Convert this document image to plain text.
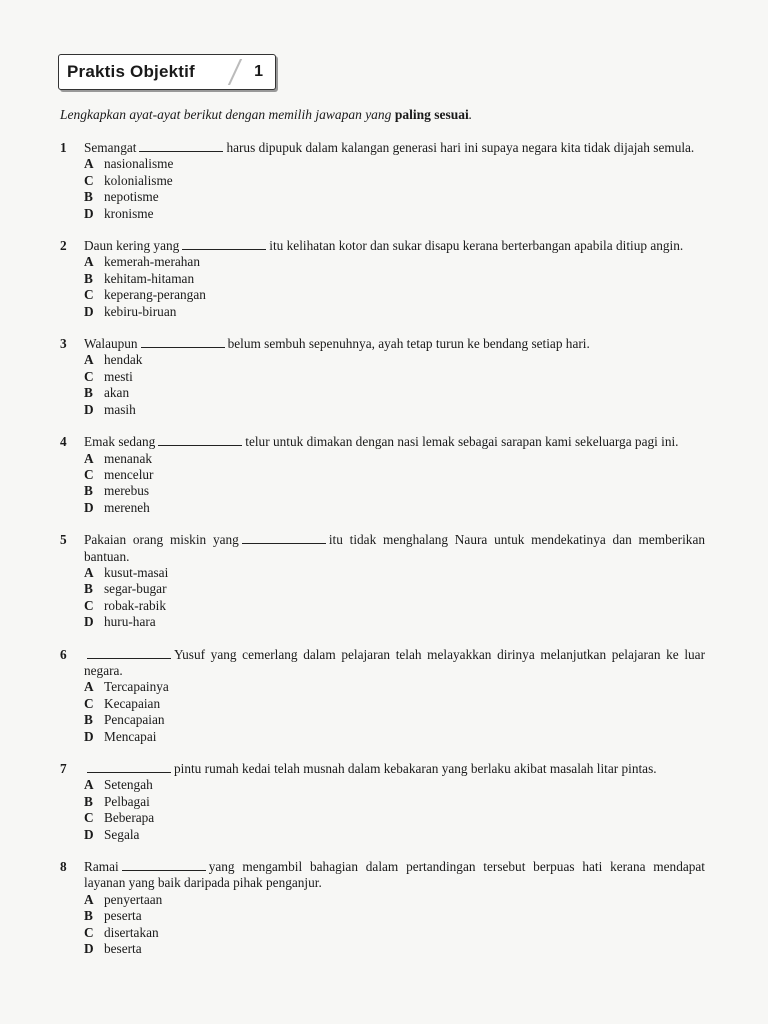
Praktis Objektif	1
Lengkapkan ayat-ayat berikut dengan memilih jawapan yang paling sesuai.
1 Semangat	harus dipupuk dalam kalangan generasi hari ini supaya negara kita tidak dijajah semula.
A nasionalisme
C kolonialisme
B nepotisme
D kronisme
2 Daun kering yang	itu kelihatan kotor dan sukar disapu kerana berterbangan apabila ditiup angin.
A kemerah-merahan
B kehitam-hitaman
C keperang-perangan
D kebiru-biruan
3 Walaupun	belum sembuh sepenuhnya, ayah tetap turun ke bendang setiap hari.
A hendak
C mesti
B akan
D masih
4 Emak sedang	telur untuk dimakan dengan nasi lemak sebagai sarapan kami sekeluarga pagi ini.
A menanak
C mencelur
B merebus
D mereneh
5 Pakaian orang miskin yang	itu tidak menghalang Naura untuk mendekatinya dan memberikan bantuan.
A kusut-masai
B segar-bugar
C robak-rabik
D huru-hara
6	Yusuf yang cemerlang dalam pelajaran telah melayakkan dirinya melanjutkan pelajaran ke luar negara.
A Tercapainya
C Kecapaian
B Pencapaian
D Mencapai
7	pintu rumah kedai telah musnah dalam kebakaran yang berlaku akibat masalah litar pintas.
A Setengah
B Pelbagai
C Beberapa
D Segala
8 Ramai	yang mengambil bahagian dalam pertandingan tersebut berpuas hati kerana mendapat layanan yang baik daripada pihak penganjur.
A penyertaan
B peserta
C disertakan
D beserta
